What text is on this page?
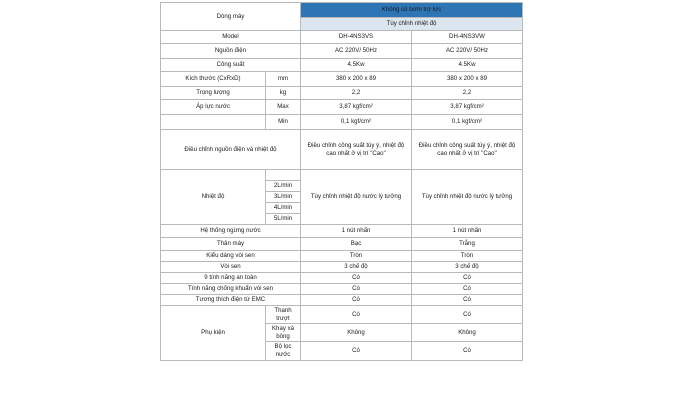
Dòng máy		Không có bơm trợ lực	
		Tùy chỉnh nhiệt độ	
Model		DH-4NS3VS	DH-4NS3VW
Nguồn điện		AC 220V/ 50Hz	AC 220V/ 50Hz
Công suất		4.5Kw	4.5Kw
Kích thước (CxRxD)	mm	380 x 200 x 89	380 x 200 x 89
Trọng lượng	kg	2,2	2,2
Áp lực nước	Max	3,87 kgf/cm²	3,87 kgf/cm²
	Min	0,1 kgf/cm²	0,1 kgf/cm²
Điều chỉnh nguồn điện và nhiệt độ		Điều chỉnh công suất tùy ý, nhiệt độ cao nhất ở vị trí "Cao"	Điều chỉnh công suất tùy ý, nhiệt độ cao nhất ở vị trí "Cao"
Nhiệt độ		Tùy chỉnh nhiệt độ nước lý tưởng	Tùy chỉnh nhiệt độ nước lý tưởng
	2L/min		
	3L/min		
	4L/min		
	5L/min		
Hệ thống ngừng nước		1 nút nhấn	1 nút nhấn
Thân máy		Bạc	Trắng
Kiểu dáng vòi sen		Tròn	Tròn
Vòi sen		3 chế độ	3 chế độ
9 tính năng an toàn		Có	Có
Tính năng chống khuẩn vòi sen		Có	Có
Tương thích điện từ EMC		Có	Có
Phụ kiện	Thanh trượt	Có	Có
	Khay xà bông	Không	Không
	Bộ lọc nước	Có	Có
